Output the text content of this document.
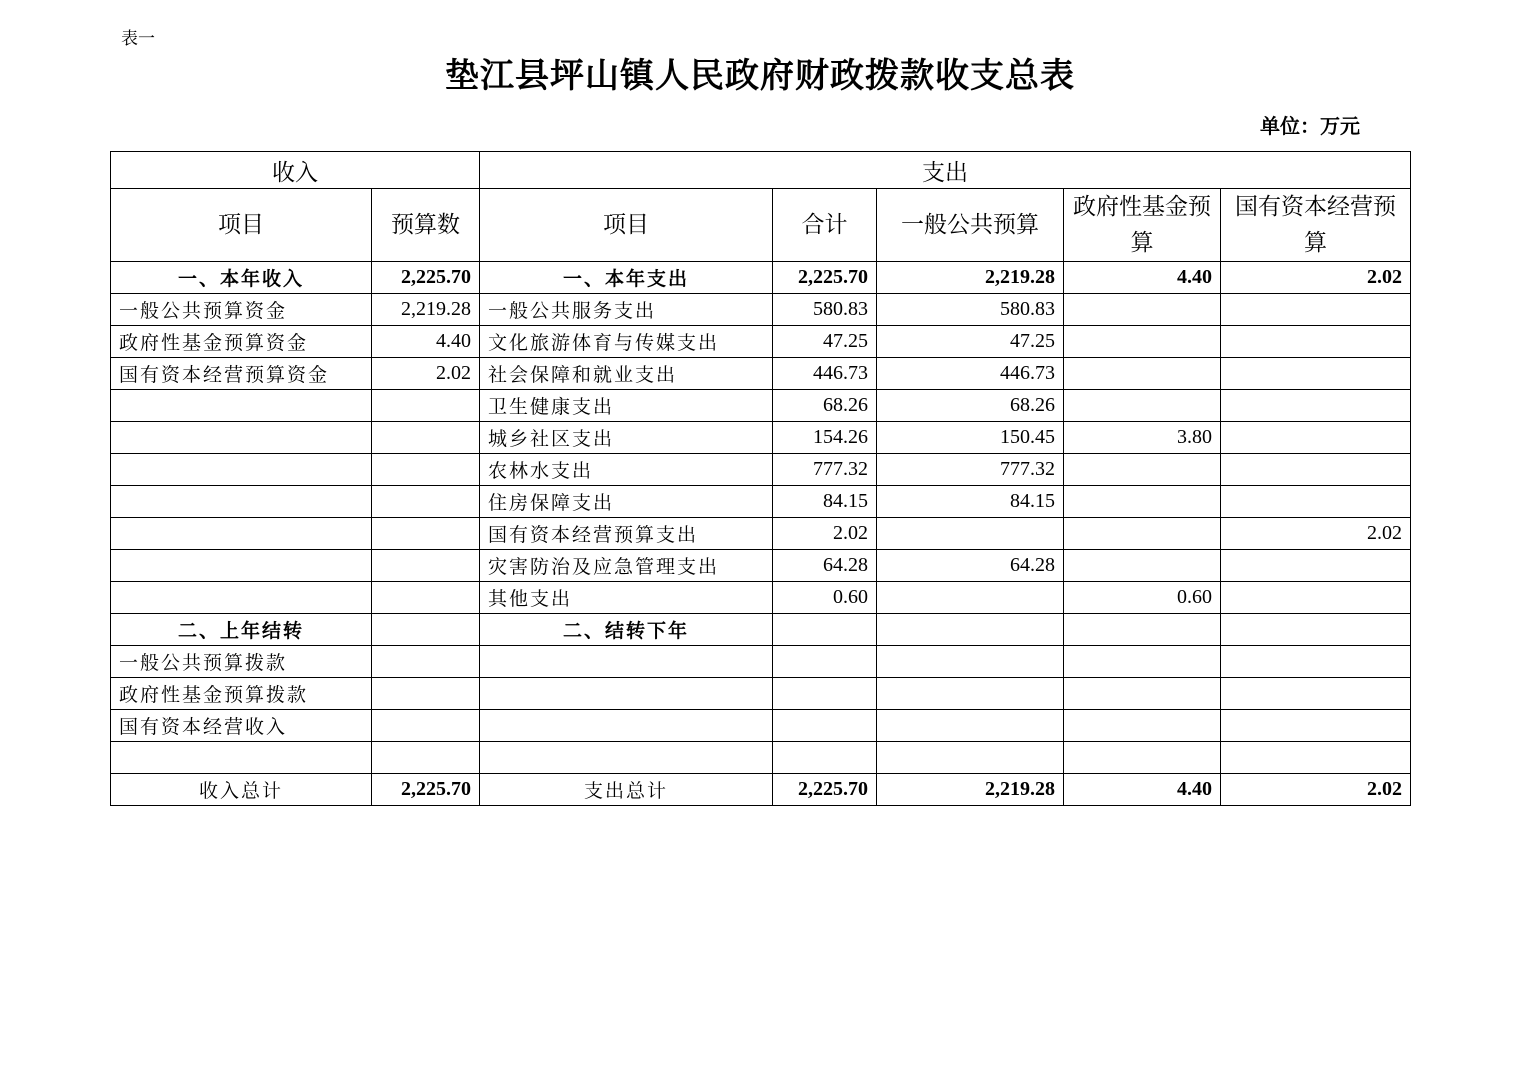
表一
垫江县坪山镇人民政府财政拨款收支总表
单位：万元
收入		支出				
项目	预算数	项目	合计	一般公共预算	政府性基金预算	国有资本经营预算
一、本年收入	2,225.70	一、本年支出	2,225.70	2,219.28	4.40	2.02
一般公共预算资金	2,219.28	一般公共服务支出	580.83	580.83		
政府性基金预算资金	4.40	文化旅游体育与传媒支出	47.25	47.25		
国有资本经营预算资金	2.02	社会保障和就业支出	446.73	446.73		
		卫生健康支出	68.26	68.26		
		城乡社区支出	154.26	150.45	3.80	
		农林水支出	777.32	777.32		
		住房保障支出	84.15	84.15		
		国有资本经营预算支出	2.02			2.02
		灾害防治及应急管理支出	64.28	64.28		
		其他支出	0.60		0.60	
二、上年结转		二、结转下年				
一般公共预算拨款						
政府性基金预算拨款						
国有资本经营收入						

收入总计	2,225.70	支出总计	2,225.70	2,219.28	4.40	2.02
